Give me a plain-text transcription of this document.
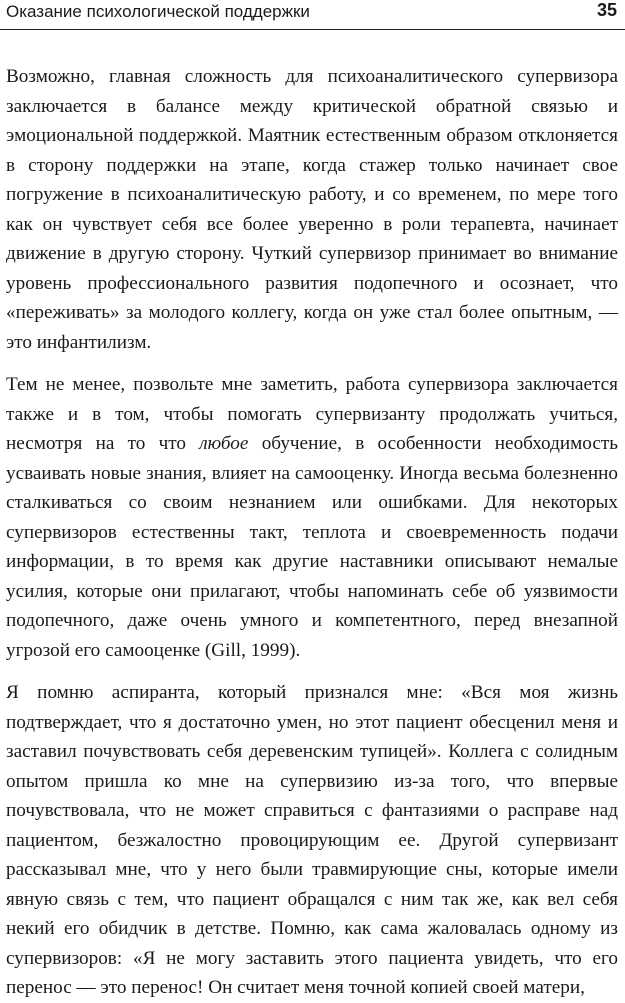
Оказание психологической поддержки	35

Возможно, главная сложность для психоаналитического супервизора заключается в балансе между критической обратной связью и эмоциональной поддержкой. Маятник естественным образом отклоняется в сторону поддержки на этапе, когда стажер только начинает свое погружение в психоаналитическую работу, и со временем, по мере того как он чувствует себя все более уверенно в роли терапевта, начинает движение в другую сторону. Чуткий супервизор принимает во внимание уровень профессионального развития подопечного и осознает, что «переживать» за молодого коллегу, когда он уже стал более опытным, — это инфантилизм.

Тем не менее, позвольте мне заметить, работа супервизора заключается также и в том, чтобы помогать супервизанту продолжать учиться, несмотря на то что любое обучение, в особенности необходимость усваивать новые знания, влияет на самооценку. Иногда весьма болезненно сталкиваться со своим незнанием или ошибками. Для некоторых супервизоров естественны такт, теплота и своевременность подачи информации, в то время как другие наставники описывают немалые усилия, которые они прилагают, чтобы напоминать себе об уязвимости подопечного, даже очень умного и компетентного, перед внезапной угрозой его самооценке (Gill, 1999).

Я помню аспиранта, который признался мне: «Вся моя жизнь подтверждает, что я достаточно умен, но этот пациент обесценил меня и заставил почувствовать себя деревенским тупицей». Коллега с солидным опытом пришла ко мне на супервизию из-за того, что впервые почувствовала, что не может справиться с фантазиями о расправе над пациентом, безжалостно провоцирующим ее. Другой супервизант рассказывал мне, что у него были травмирующие сны, которые имели явную связь с тем, что пациент обращался с ним так же, как вел себя некий его обидчик в детстве. Помню, как сама жаловалась одному из супервизоров: «Я не могу заставить этого пациента увидеть, что его перенос — это перенос! Он считает меня точной копией своей матери,
